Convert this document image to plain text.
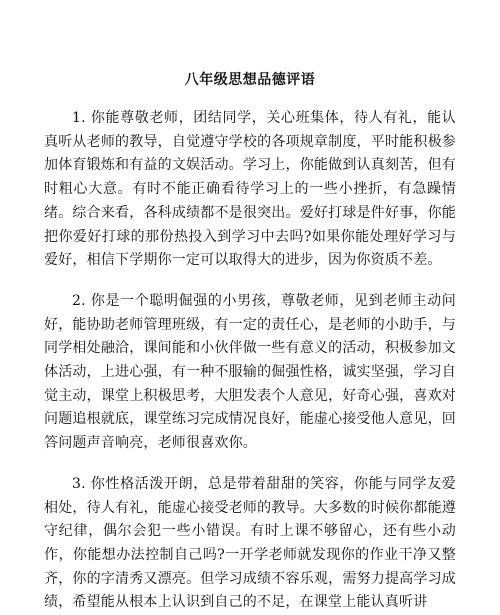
八年级思想品德评语

1. 你能尊敬老师，团结同学，关心班集体，待人有礼，能认真听从老师的教导，自觉遵守学校的各项规章制度，平时能积极参加体育锻炼和有益的文娱活动。学习上，你能做到认真刻苦，但有时粗心大意。有时不能正确看待学习上的一些小挫折，有急躁情绪。综合来看，各科成绩都不是很突出。爱好打球是件好事，你能把你爱好打球的那份热投入到学习中去吗?如果你能处理好学习与爱好，相信下学期你一定可以取得大的进步，因为你资质不差。

2. 你是一个聪明倔强的小男孩，尊敬老师，见到老师主动问好，能协助老师管理班级，有一定的责任心，是老师的小助手，与同学相处融洽，课间能和小伙伴做一些有意义的活动，积极参加文体活动，上进心强，有一种不服输的倔强性格，诚实坚强，学习自觉主动，课堂上积极思考，大胆发表个人意见，好奇心强，喜欢对问题追根就底，课堂练习完成情况良好，能虚心接受他人意见，回答问题声音响亮，老师很喜欢你。

3. 你性格活泼开朗，总是带着甜甜的笑容，你能与同学友爱相处，待人有礼，能虚心接受老师的教导。大多数的时候你都能遵守纪律，偶尔会犯一些小错误。有时上课不够留心，还有些小动作，你能想办法控制自己吗?一开学老师就发现你的作业干净又整齐，你的字清秀又漂亮。但学习成绩不容乐观，需努力提高学习成绩，希望能从根本上认识到自己的不足，在课堂上能认真听讲
